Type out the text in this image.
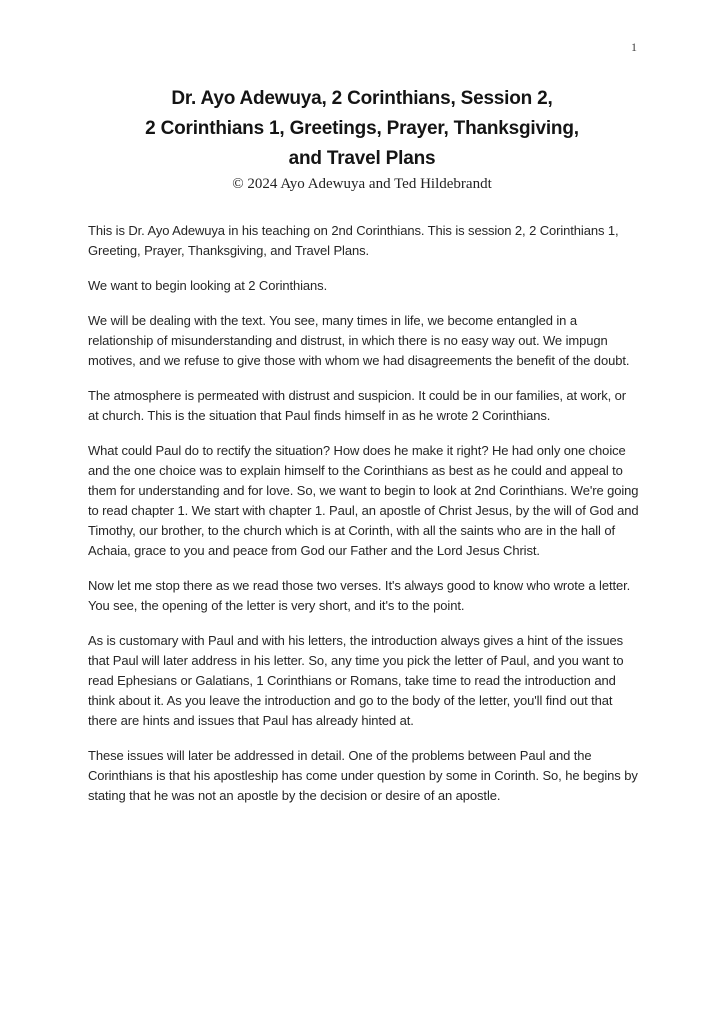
1
Dr. Ayo Adewuya, 2 Corinthians, Session 2,
2 Corinthians 1, Greetings, Prayer, Thanksgiving,
and Travel Plans
© 2024 Ayo Adewuya and Ted Hildebrandt

This is Dr. Ayo Adewuya in his teaching on 2nd Corinthians. This is session 2, 2 Corinthians 1, Greeting, Prayer, Thanksgiving, and Travel Plans.

We want to begin looking at 2 Corinthians.

We will be dealing with the text. You see, many times in life, we become entangled in a relationship of misunderstanding and distrust, in which there is no easy way out. We impugn motives, and we refuse to give those with whom we had disagreements the benefit of the doubt.

The atmosphere is permeated with distrust and suspicion. It could be in our families, at work, or at church. This is the situation that Paul finds himself in as he wrote 2 Corinthians.

What could Paul do to rectify the situation? How does he make it right? He had only one choice and the one choice was to explain himself to the Corinthians as best as he could and appeal to them for understanding and for love. So, we want to begin to look at 2nd Corinthians. We're going to read chapter 1. We start with chapter 1. Paul, an apostle of Christ Jesus, by the will of God and Timothy, our brother, to the church which is at Corinth, with all the saints who are in the hall of Achaia, grace to you and peace from God our Father and the Lord Jesus Christ.

Now let me stop there as we read those two verses. It's always good to know who wrote a letter. You see, the opening of the letter is very short, and it's to the point.

As is customary with Paul and with his letters, the introduction always gives a hint of the issues that Paul will later address in his letter. So, any time you pick the letter of Paul, and you want to read Ephesians or Galatians, 1 Corinthians or Romans, take time to read the introduction and think about it. As you leave the introduction and go to the body of the letter, you'll find out that there are hints and issues that Paul has already hinted at.

These issues will later be addressed in detail. One of the problems between Paul and the Corinthians is that his apostleship has come under question by some in Corinth. So, he begins by stating that he was not an apostle by the decision or desire of an apostle.
